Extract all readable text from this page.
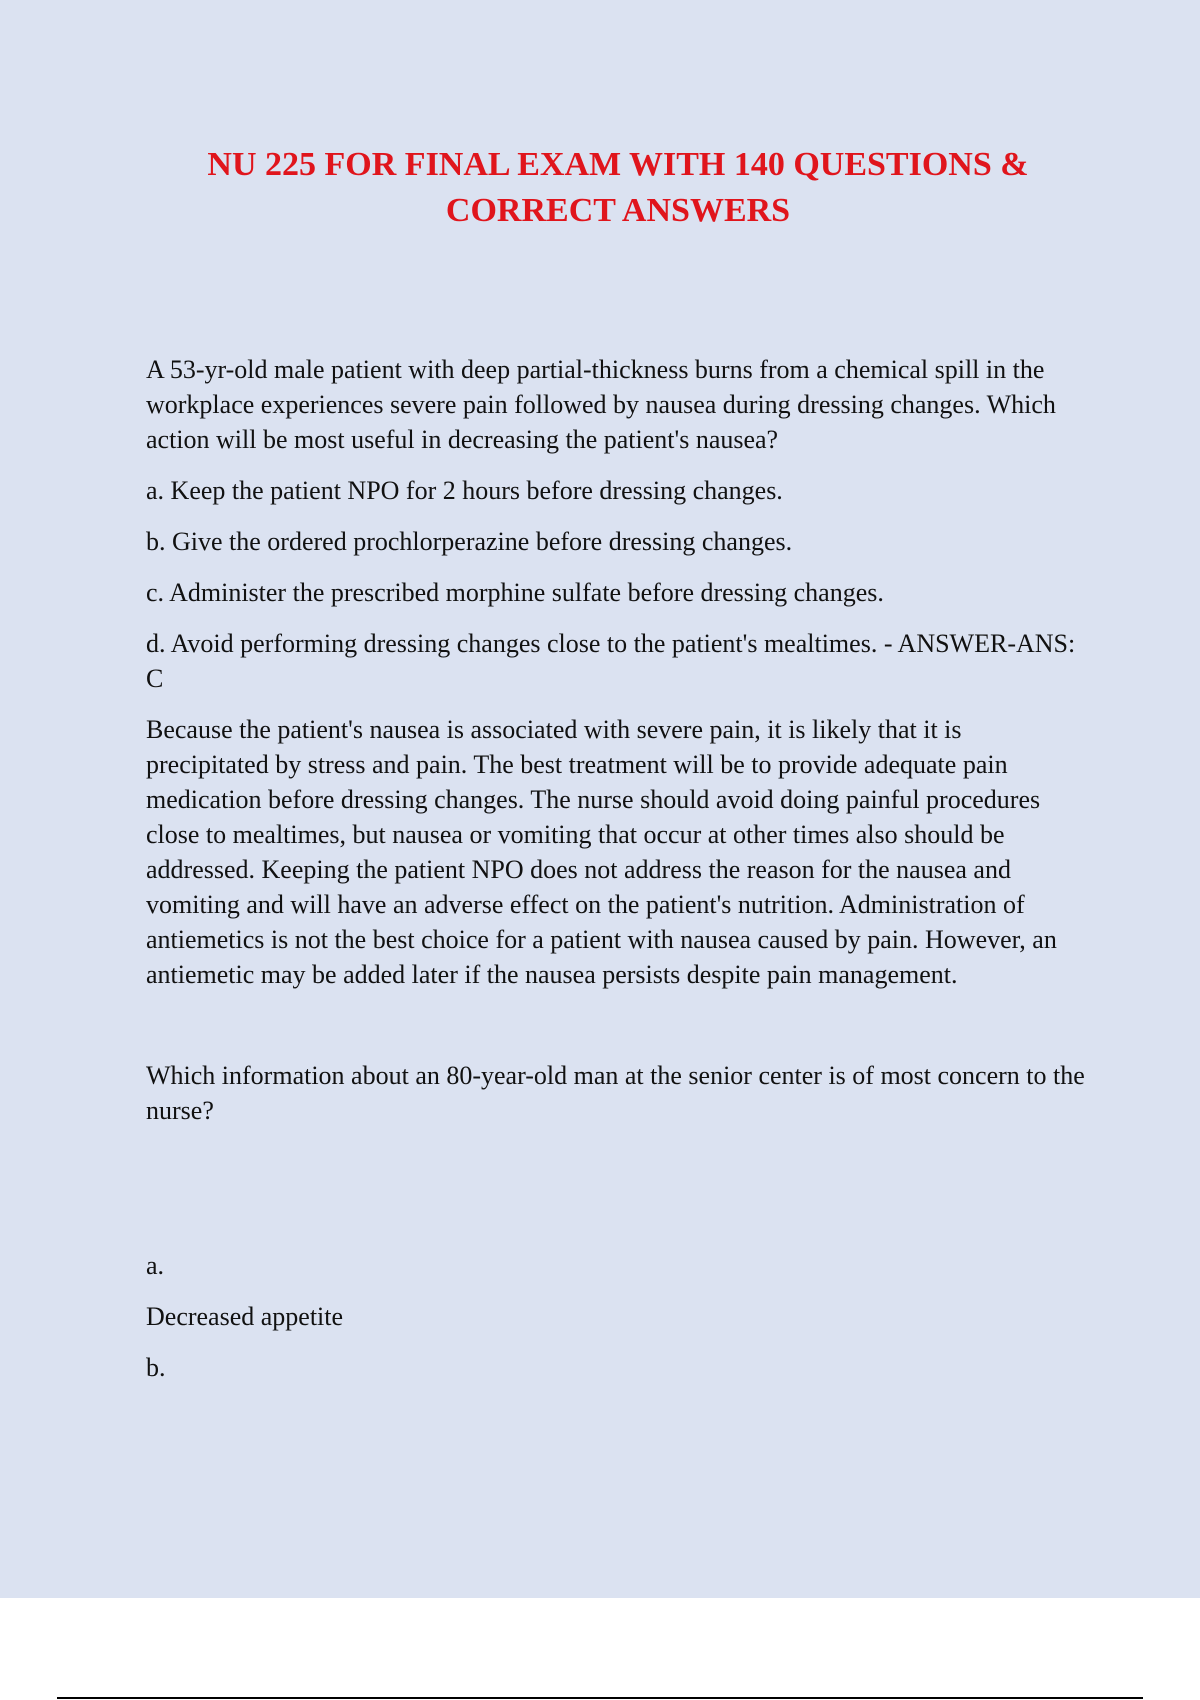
NU 225 FOR FINAL EXAM WITH 140 QUESTIONS & CORRECT ANSWERS

A 53-yr-old male patient with deep partial-thickness burns from a chemical spill in the workplace experiences severe pain followed by nausea during dressing changes. Which action will be most useful in decreasing the patient's nausea?

a. Keep the patient NPO for 2 hours before dressing changes.

b. Give the ordered prochlorperazine before dressing changes.

c. Administer the prescribed morphine sulfate before dressing changes.

d. Avoid performing dressing changes close to the patient's mealtimes. - ANSWER-ANS: C

Because the patient's nausea is associated with severe pain, it is likely that it is precipitated by stress and pain. The best treatment will be to provide adequate pain medication before dressing changes. The nurse should avoid doing painful procedures close to mealtimes, but nausea or vomiting that occur at other times also should be addressed. Keeping the patient NPO does not address the reason for the nausea and vomiting and will have an adverse effect on the patient's nutrition. Administration of antiemetics is not the best choice for a patient with nausea caused by pain. However, an antiemetic may be added later if the nausea persists despite pain management.

Which information about an 80-year-old man at the senior center is of most concern to the nurse?

a.

Decreased appetite

b.
